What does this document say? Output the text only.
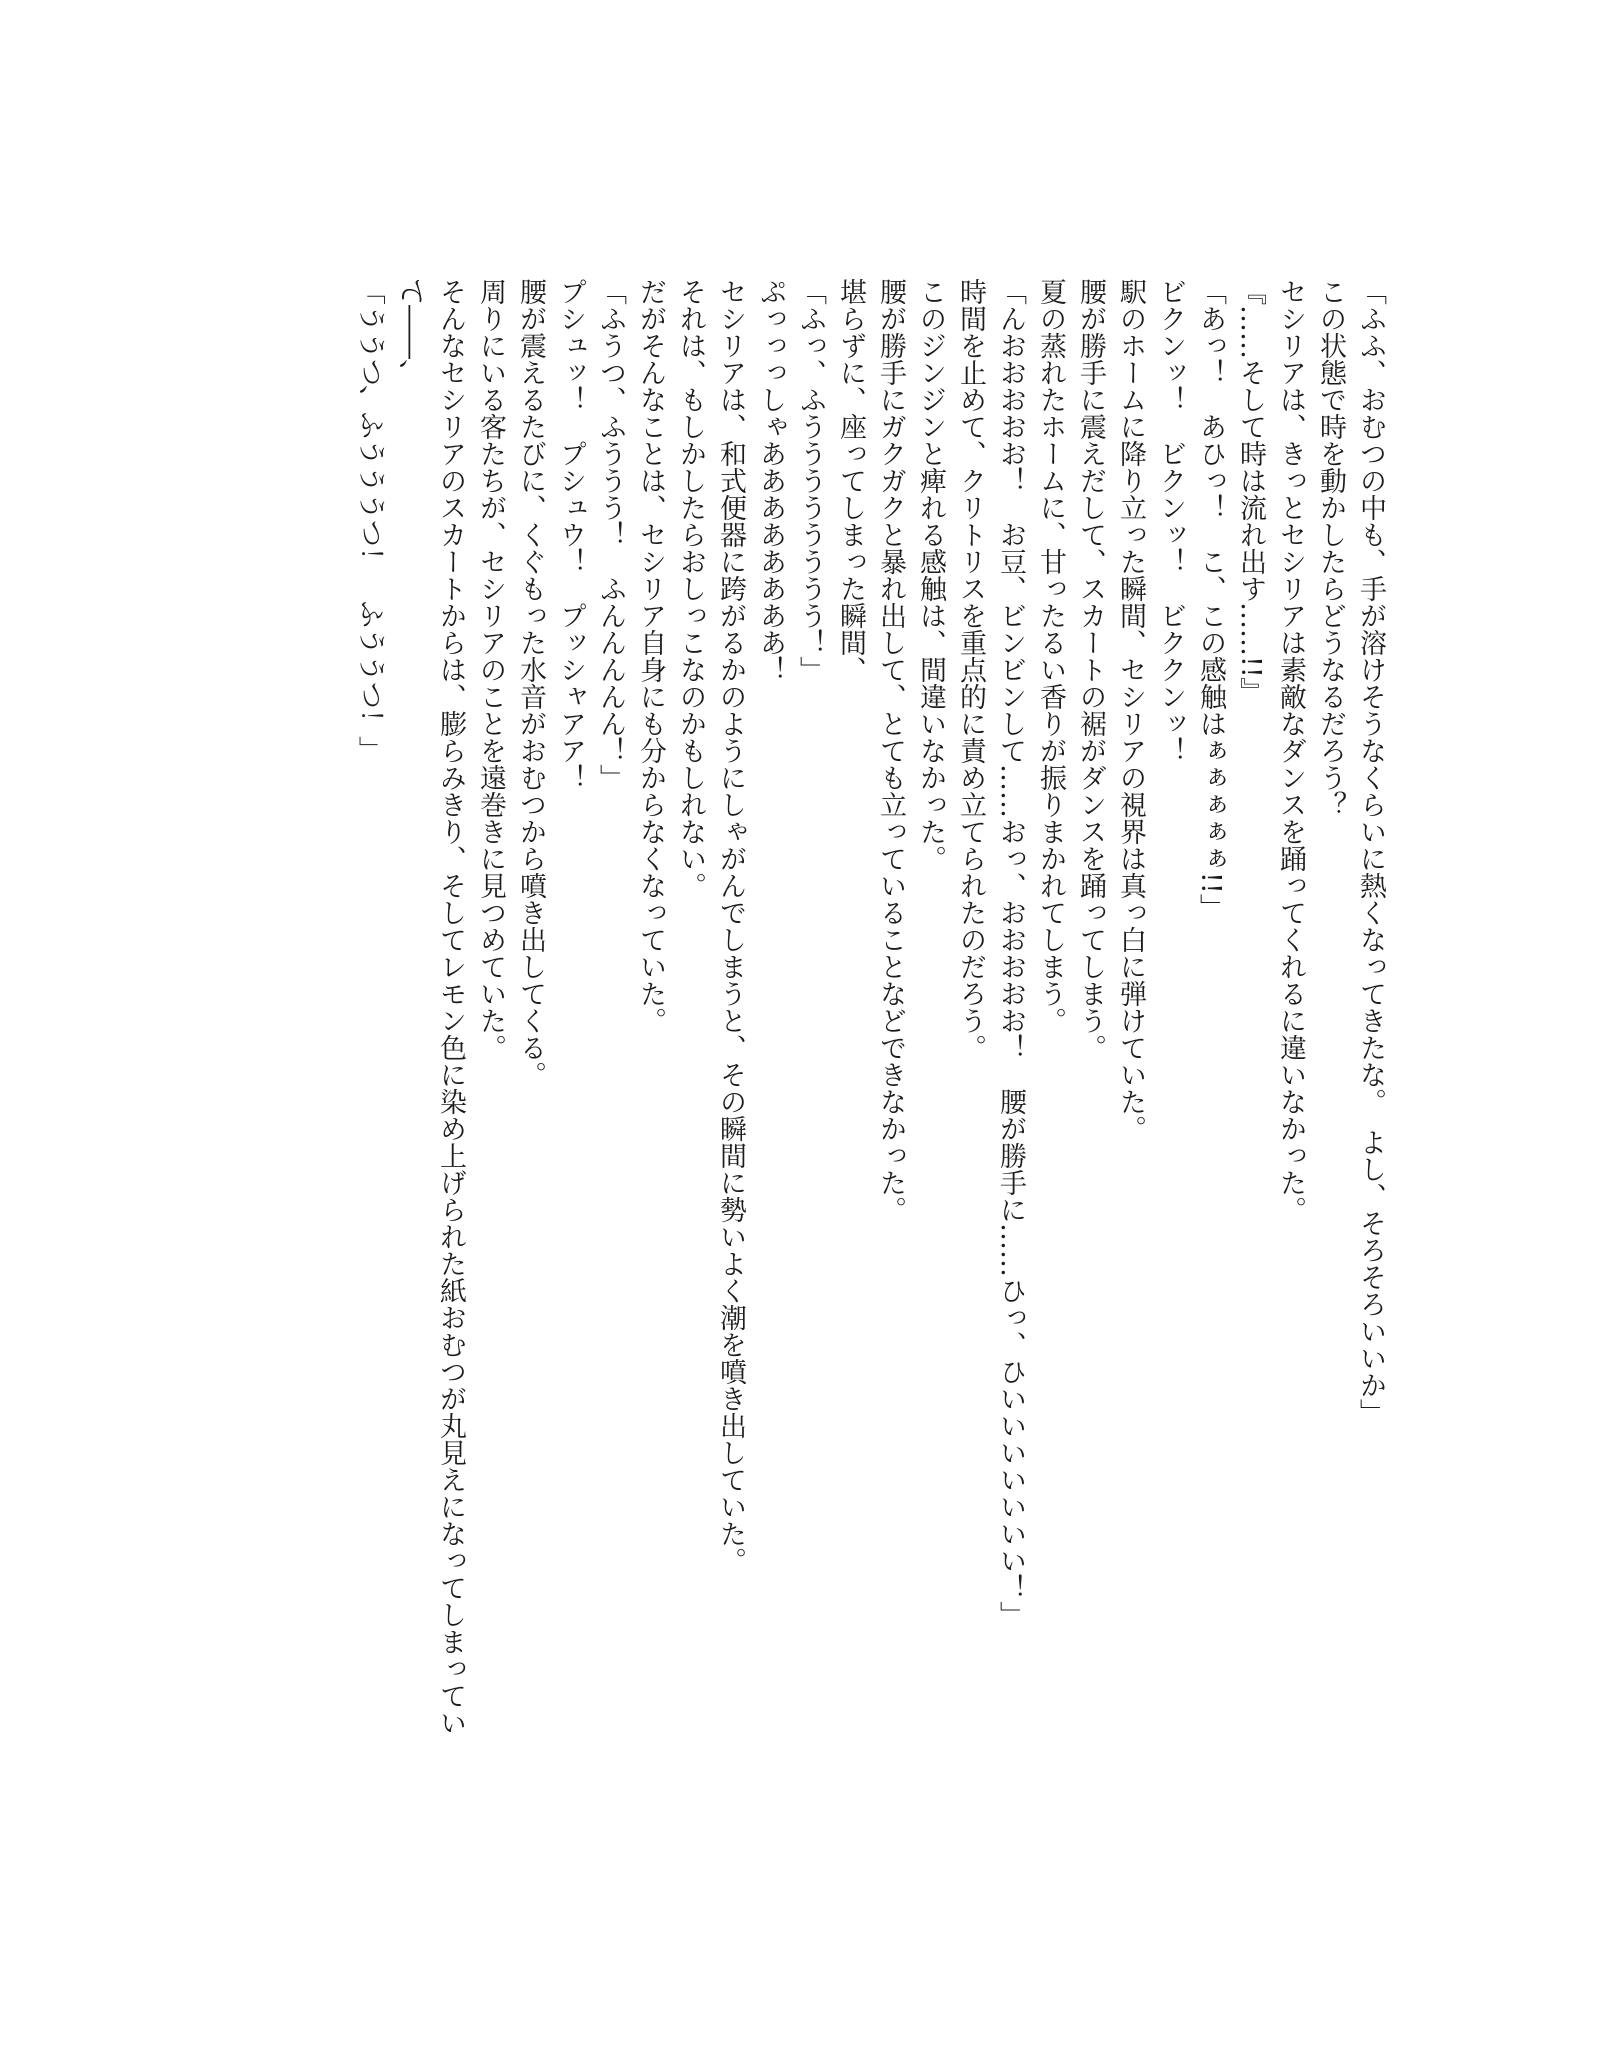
「ふふ、おむつの中も、手が溶けそうなくらいに熱くなってきたな。　よし、そろそろいいか」

この状態で時を動かしたらどうなるだろう？

セシリアは、きっとセシリアは素敵なダンスを踊ってくれるに違いなかった。

『……そして時は流れ出す……!!』

「あっ！　あひっ！　こ、この感触はぁぁぁぁぁ!!」

ビクンッ！　ビクンッ！　ビククンッ！

駅のホームに降り立った瞬間、セシリアの視界は真っ白に弾けていた。

腰が勝手に震えだして、スカートの裾がダンスを踊ってしまう。

夏の蒸れたホームに、甘ったるい香りが振りまかれてしまう。

「んおおおおお！　お豆、ビンビンして……おっ、おおおおお！　腰が勝手に……ひっ、ひいいいいいいい！」

時間を止めて、クリトリスを重点的に責め立てられたのだろう。

このジンジンと痺れる感触は、間違いなかった。

腰が勝手にガクガクと暴れ出して、とても立っていることなどできなかった。

堪らずに、座ってしまった瞬間、

「ふっ、ふうううううううう！」

ぷっっっしゃああああああああ！

セシリアは、和式便器に跨がるかのようにしゃがんでしまうと、その瞬間に勢いよく潮を噴き出していた。

それは、もしかしたらおしっこなのかもしれない。

だがそんなことは、セシリア自身にも分からなくなっていた。

「ふうつ、ふううう！　ふんんんんん！」

プシュッ！　プシュウ！　プッシャアア！

腰が震えるたびに、くぐもった水音がおむつから噴き出してくる。

周りにいる客たちが、セシリアのことを遠巻きに見つめていた。

そんなセシリアのスカートからは、膨らみきり、そしてレモン色に染め上げられた紙おむつが丸見えになってしまってい

て――、

「ううつ、ふうううつ！　ふううつ！」
